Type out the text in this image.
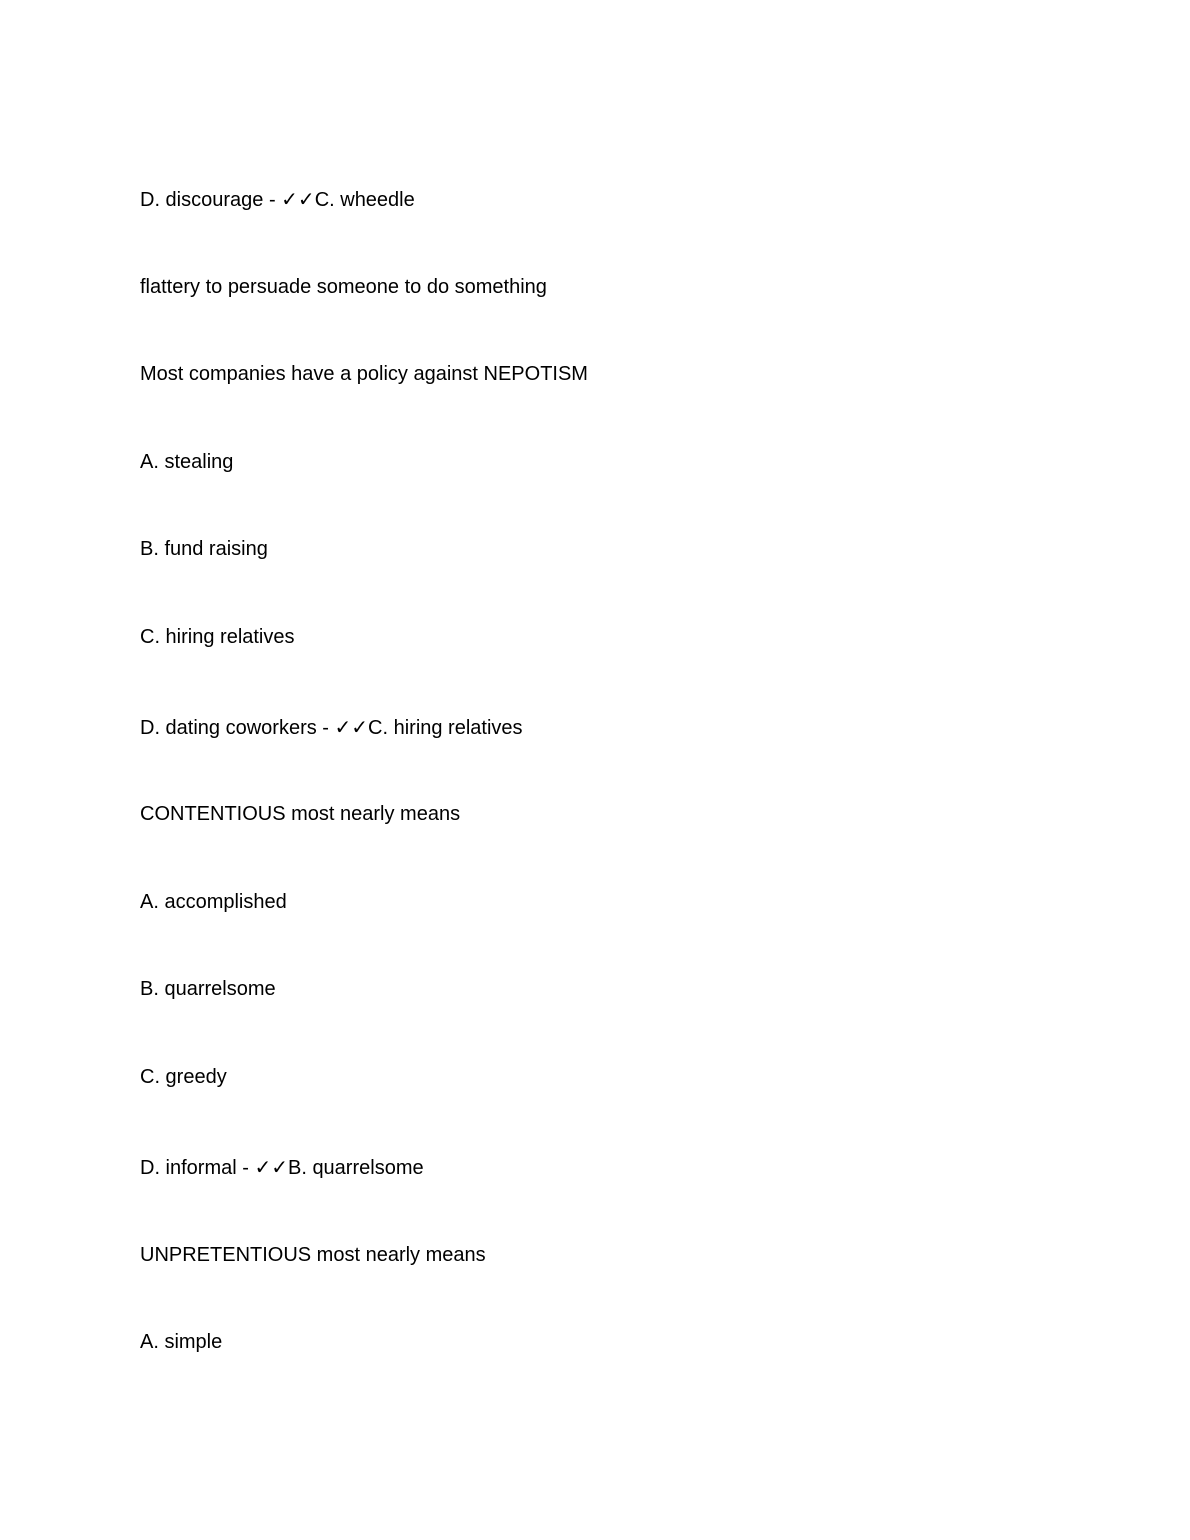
D. discourage - ✓✓C. wheedle
flattery to persuade someone to do something
Most companies have a policy against NEPOTISM
A. stealing
B. fund raising
C. hiring relatives
D. dating coworkers - ✓✓C. hiring relatives
CONTENTIOUS most nearly means
A. accomplished
B. quarrelsome
C. greedy
D. informal - ✓✓B. quarrelsome
UNPRETENTIOUS most nearly means
A. simple
